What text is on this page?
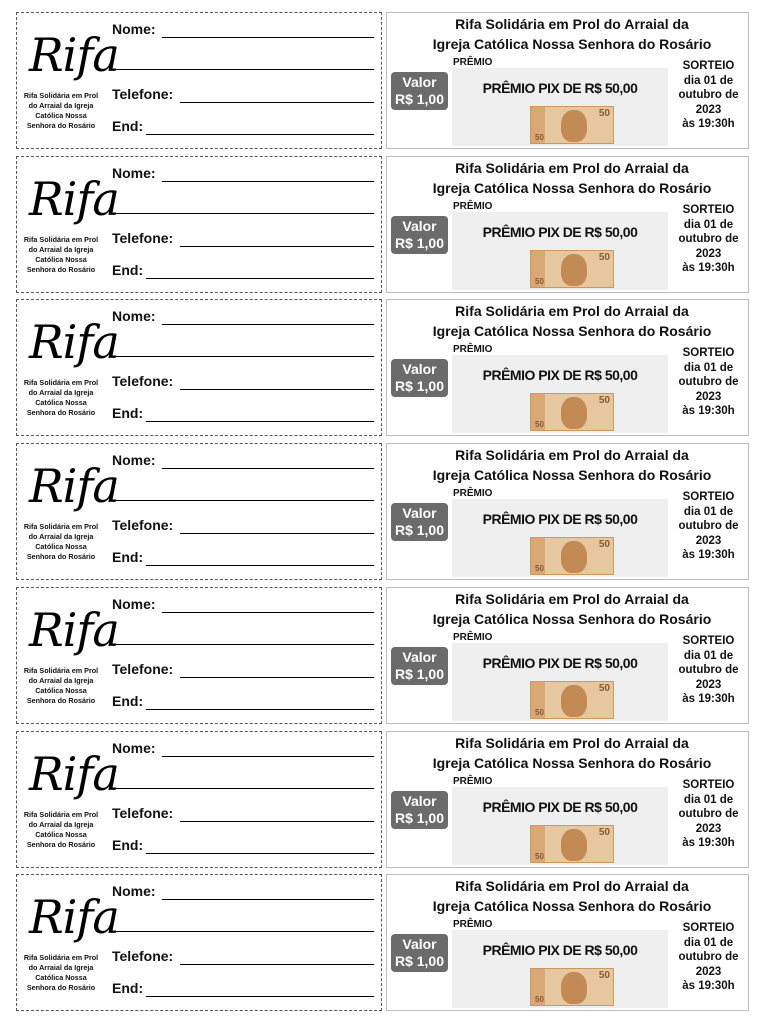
Rifa
Rifa Solidária em Prol do Arraial da Igreja Católica Nossa Senhora do Rosário
Nome:
Telefone:
End:
Rifa Solidária em Prol do Arraial da
Igreja Católica Nossa Senhora do Rosário
Valor
R$ 1,00
PRÊMIO
PRÊMIO PIX DE R$ 50,00
50
50
SORTEIO
dia 01 de
outubro de
2023
às 19:30h
Rifa
Rifa Solidária em Prol do Arraial da Igreja Católica Nossa Senhora do Rosário
Nome:
Telefone:
End:
Rifa Solidária em Prol do Arraial da
Igreja Católica Nossa Senhora do Rosário
Valor
R$ 1,00
PRÊMIO
PRÊMIO PIX DE R$ 50,00
50
50
SORTEIO
dia 01 de
outubro de
2023
às 19:30h
Rifa
Rifa Solidária em Prol do Arraial da Igreja Católica Nossa Senhora do Rosário
Nome:
Telefone:
End:
Rifa Solidária em Prol do Arraial da
Igreja Católica Nossa Senhora do Rosário
Valor
R$ 1,00
PRÊMIO
PRÊMIO PIX DE R$ 50,00
50
50
SORTEIO
dia 01 de
outubro de
2023
às 19:30h
Rifa
Rifa Solidária em Prol do Arraial da Igreja Católica Nossa Senhora do Rosário
Nome:
Telefone:
End:
Rifa Solidária em Prol do Arraial da
Igreja Católica Nossa Senhora do Rosário
Valor
R$ 1,00
PRÊMIO
PRÊMIO PIX DE R$ 50,00
50
50
SORTEIO
dia 01 de
outubro de
2023
às 19:30h
Rifa
Rifa Solidária em Prol do Arraial da Igreja Católica Nossa Senhora do Rosário
Nome:
Telefone:
End:
Rifa Solidária em Prol do Arraial da
Igreja Católica Nossa Senhora do Rosário
Valor
R$ 1,00
PRÊMIO
PRÊMIO PIX DE R$ 50,00
50
50
SORTEIO
dia 01 de
outubro de
2023
às 19:30h
Rifa
Rifa Solidária em Prol do Arraial da Igreja Católica Nossa Senhora do Rosário
Nome:
Telefone:
End:
Rifa Solidária em Prol do Arraial da
Igreja Católica Nossa Senhora do Rosário
Valor
R$ 1,00
PRÊMIO
PRÊMIO PIX DE R$ 50,00
50
50
SORTEIO
dia 01 de
outubro de
2023
às 19:30h
Rifa
Rifa Solidária em Prol do Arraial da Igreja Católica Nossa Senhora do Rosário
Nome:
Telefone:
End:
Rifa Solidária em Prol do Arraial da
Igreja Católica Nossa Senhora do Rosário
Valor
R$ 1,00
PRÊMIO
PRÊMIO PIX DE R$ 50,00
50
50
SORTEIO
dia 01 de
outubro de
2023
às 19:30h
